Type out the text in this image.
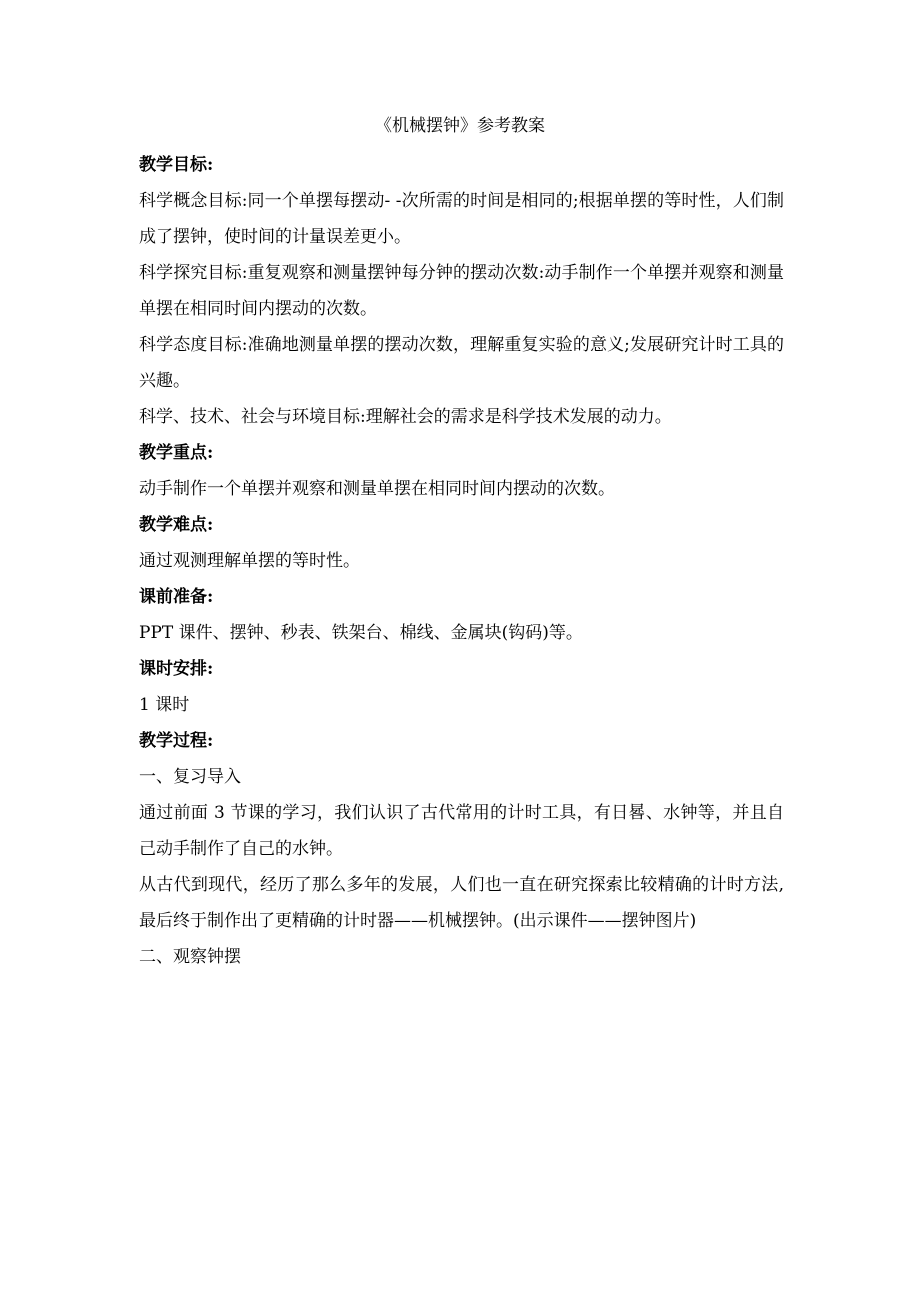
《机械摆钟》参考教案

教学目标:

科学概念目标:同一个单摆每摆动- -次所需的时间是相同的;根据单摆的等时性，人们制成了摆钟，使时间的计量误差更小。

科学探究目标:重复观察和测量摆钟每分钟的摆动次数:动手制作一个单摆并观察和测量单摆在相同时间内摆动的次数。

科学态度目标:准确地测量单摆的摆动次数，理解重复实验的意义;发展研究计时工具的兴趣。

科学、技术、社会与环境目标:理解社会的需求是科学技术发展的动力。

教学重点:

动手制作一个单摆并观察和测量单摆在相同时间内摆动的次数。

教学难点:

通过观测理解单摆的等时性。

课前准备:

PPT 课件、摆钟、秒表、铁架台、棉线、金属块(钩码)等。

课时安排:

1 课时

教学过程:

一、复习导入

通过前面 3 节课的学习，我们认识了古代常用的计时工具，有日晷、水钟等，并且自己动手制作了自己的水钟。

从古代到现代，经历了那么多年的发展，人们也一直在研究探索比较精确的计时方法,最后终于制作出了更精确的计时器——机械摆钟。(出示课件——摆钟图片)

二、观察钟摆
